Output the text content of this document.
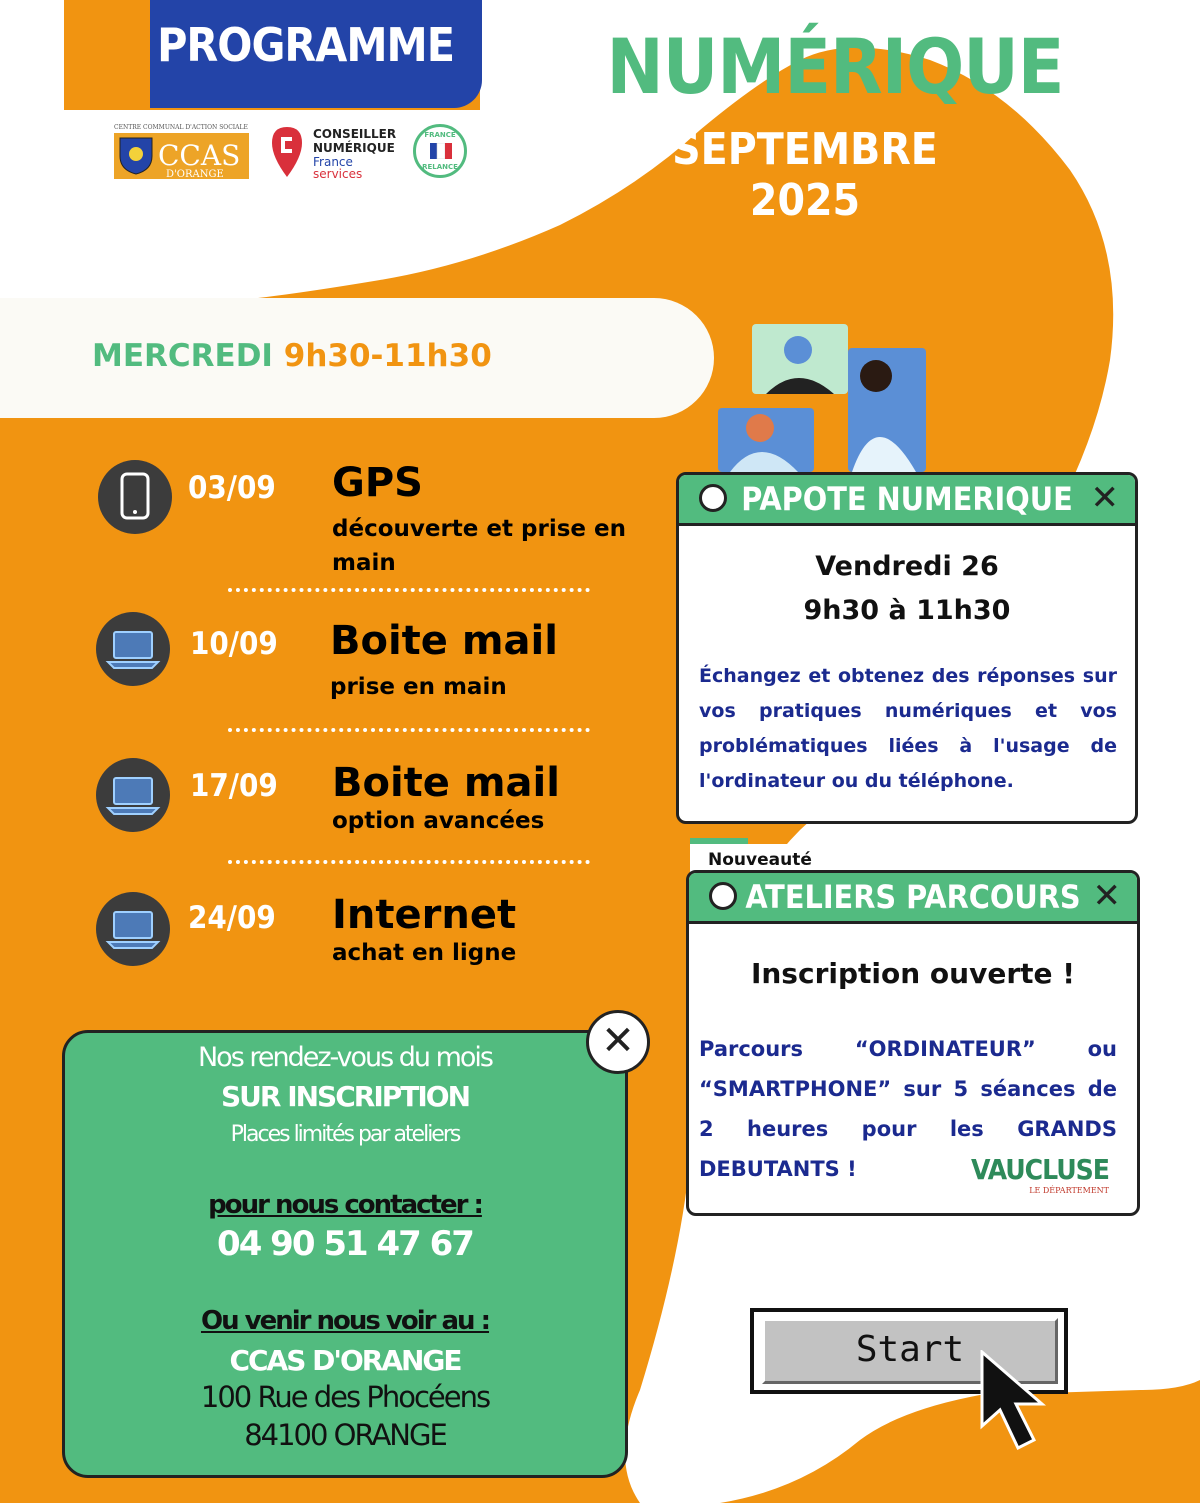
PROGRAMME	NUMÉRIQUE
SEPTEMBRE 2025
CENTRE COMMUNAL D'ACTION SOCIALE
CCAS
D'ORANGE
CONSEILLER
NUMÉRIQUE
France
services
FRANCE
RELANCE
MERCREDI 9h30-11h30
03/09 GPS
découverte et prise en main
10/09 Boite mail
prise en main
17/09 Boite mail
option avancées
24/09 Internet
achat en ligne
PAPOTE NUMERIQUE ✕
Vendredi 26
9h30 à 11h30
Échangez et obtenez des réponses sur vos pratiques numériques et vos problématiques liées à l'usage de l'ordinateur ou du téléphone.
Nouveauté
ATELIERS PARCOURS ✕
Inscription ouverte !
Parcours “ORDINATEUR” ou “SMARTPHONE” sur 5 séances de 2 heures pour les GRANDS DEBUTANTS !	VAUCLUSE
LE DÉPARTEMENT
Nos rendez-vous du mois
SUR INSCRIPTION
Places limités par ateliers
pour nous contacter :
04 90 51 47 67
Ou venir nous voir au :
CCAS D'ORANGE
100 Rue des Phocéens
84100 ORANGE
✕
Start
